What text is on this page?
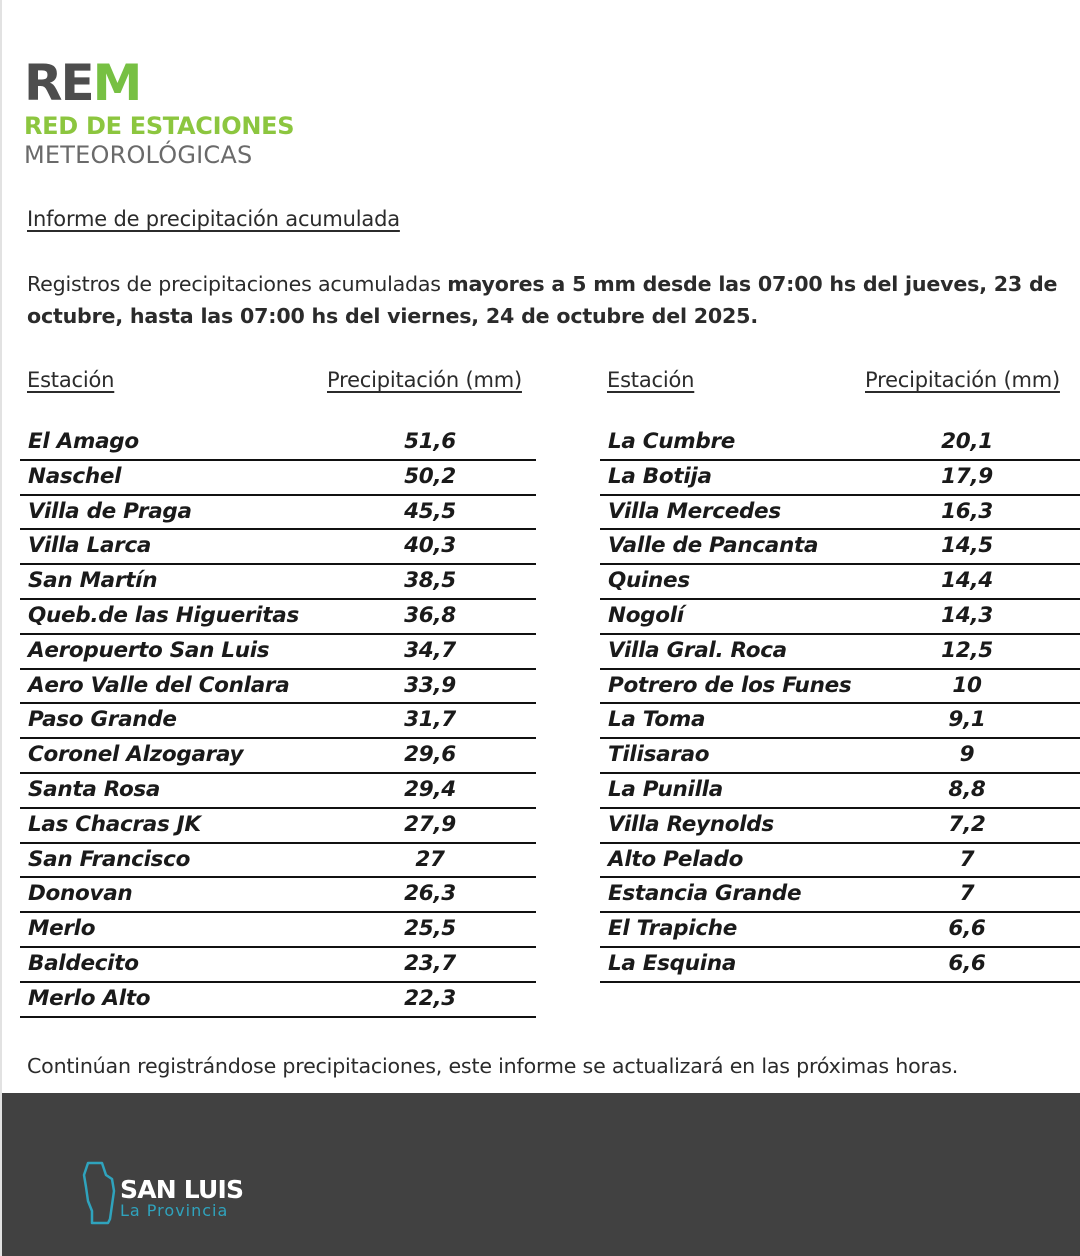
REM
RED DE ESTACIONES
METEOROLÓGICAS
Informe de precipitación acumulada
Registros de precipitaciones acumuladas mayores a 5 mm desde las 07:00 hs del jueves, 23 de octubre, hasta las 07:00 hs del viernes, 24 de octubre del 2025.
Estación	Precipitación (mm)
El Amago	51,6
Naschel	50,2
Villa de Praga	45,5
Villa Larca	40,3
San Martín	38,5
Queb.de las Higueritas	36,8
Aeropuerto San Luis	34,7
Aero Valle del Conlara	33,9
Paso Grande	31,7
Coronel Alzogaray	29,6
Santa Rosa	29,4
Las Chacras JK	27,9
San Francisco	27
Donovan	26,3
Merlo	25,5
Baldecito	23,7
Merlo Alto	22,3
Estación	Precipitación (mm)
La Cumbre	20,1
La Botija	17,9
Villa Mercedes	16,3
Valle de Pancanta	14,5
Quines	14,4
Nogolí	14,3
Villa Gral. Roca	12,5
Potrero de los Funes	10
La Toma	9,1
Tilisarao	9
La Punilla	8,8
Villa Reynolds	7,2
Alto Pelado	7
Estancia Grande	7
El Trapiche	6,6
La Esquina	6,6
Continúan registrándose precipitaciones, este informe se actualizará en las próximas horas.
SAN LUIS
La Provincia
